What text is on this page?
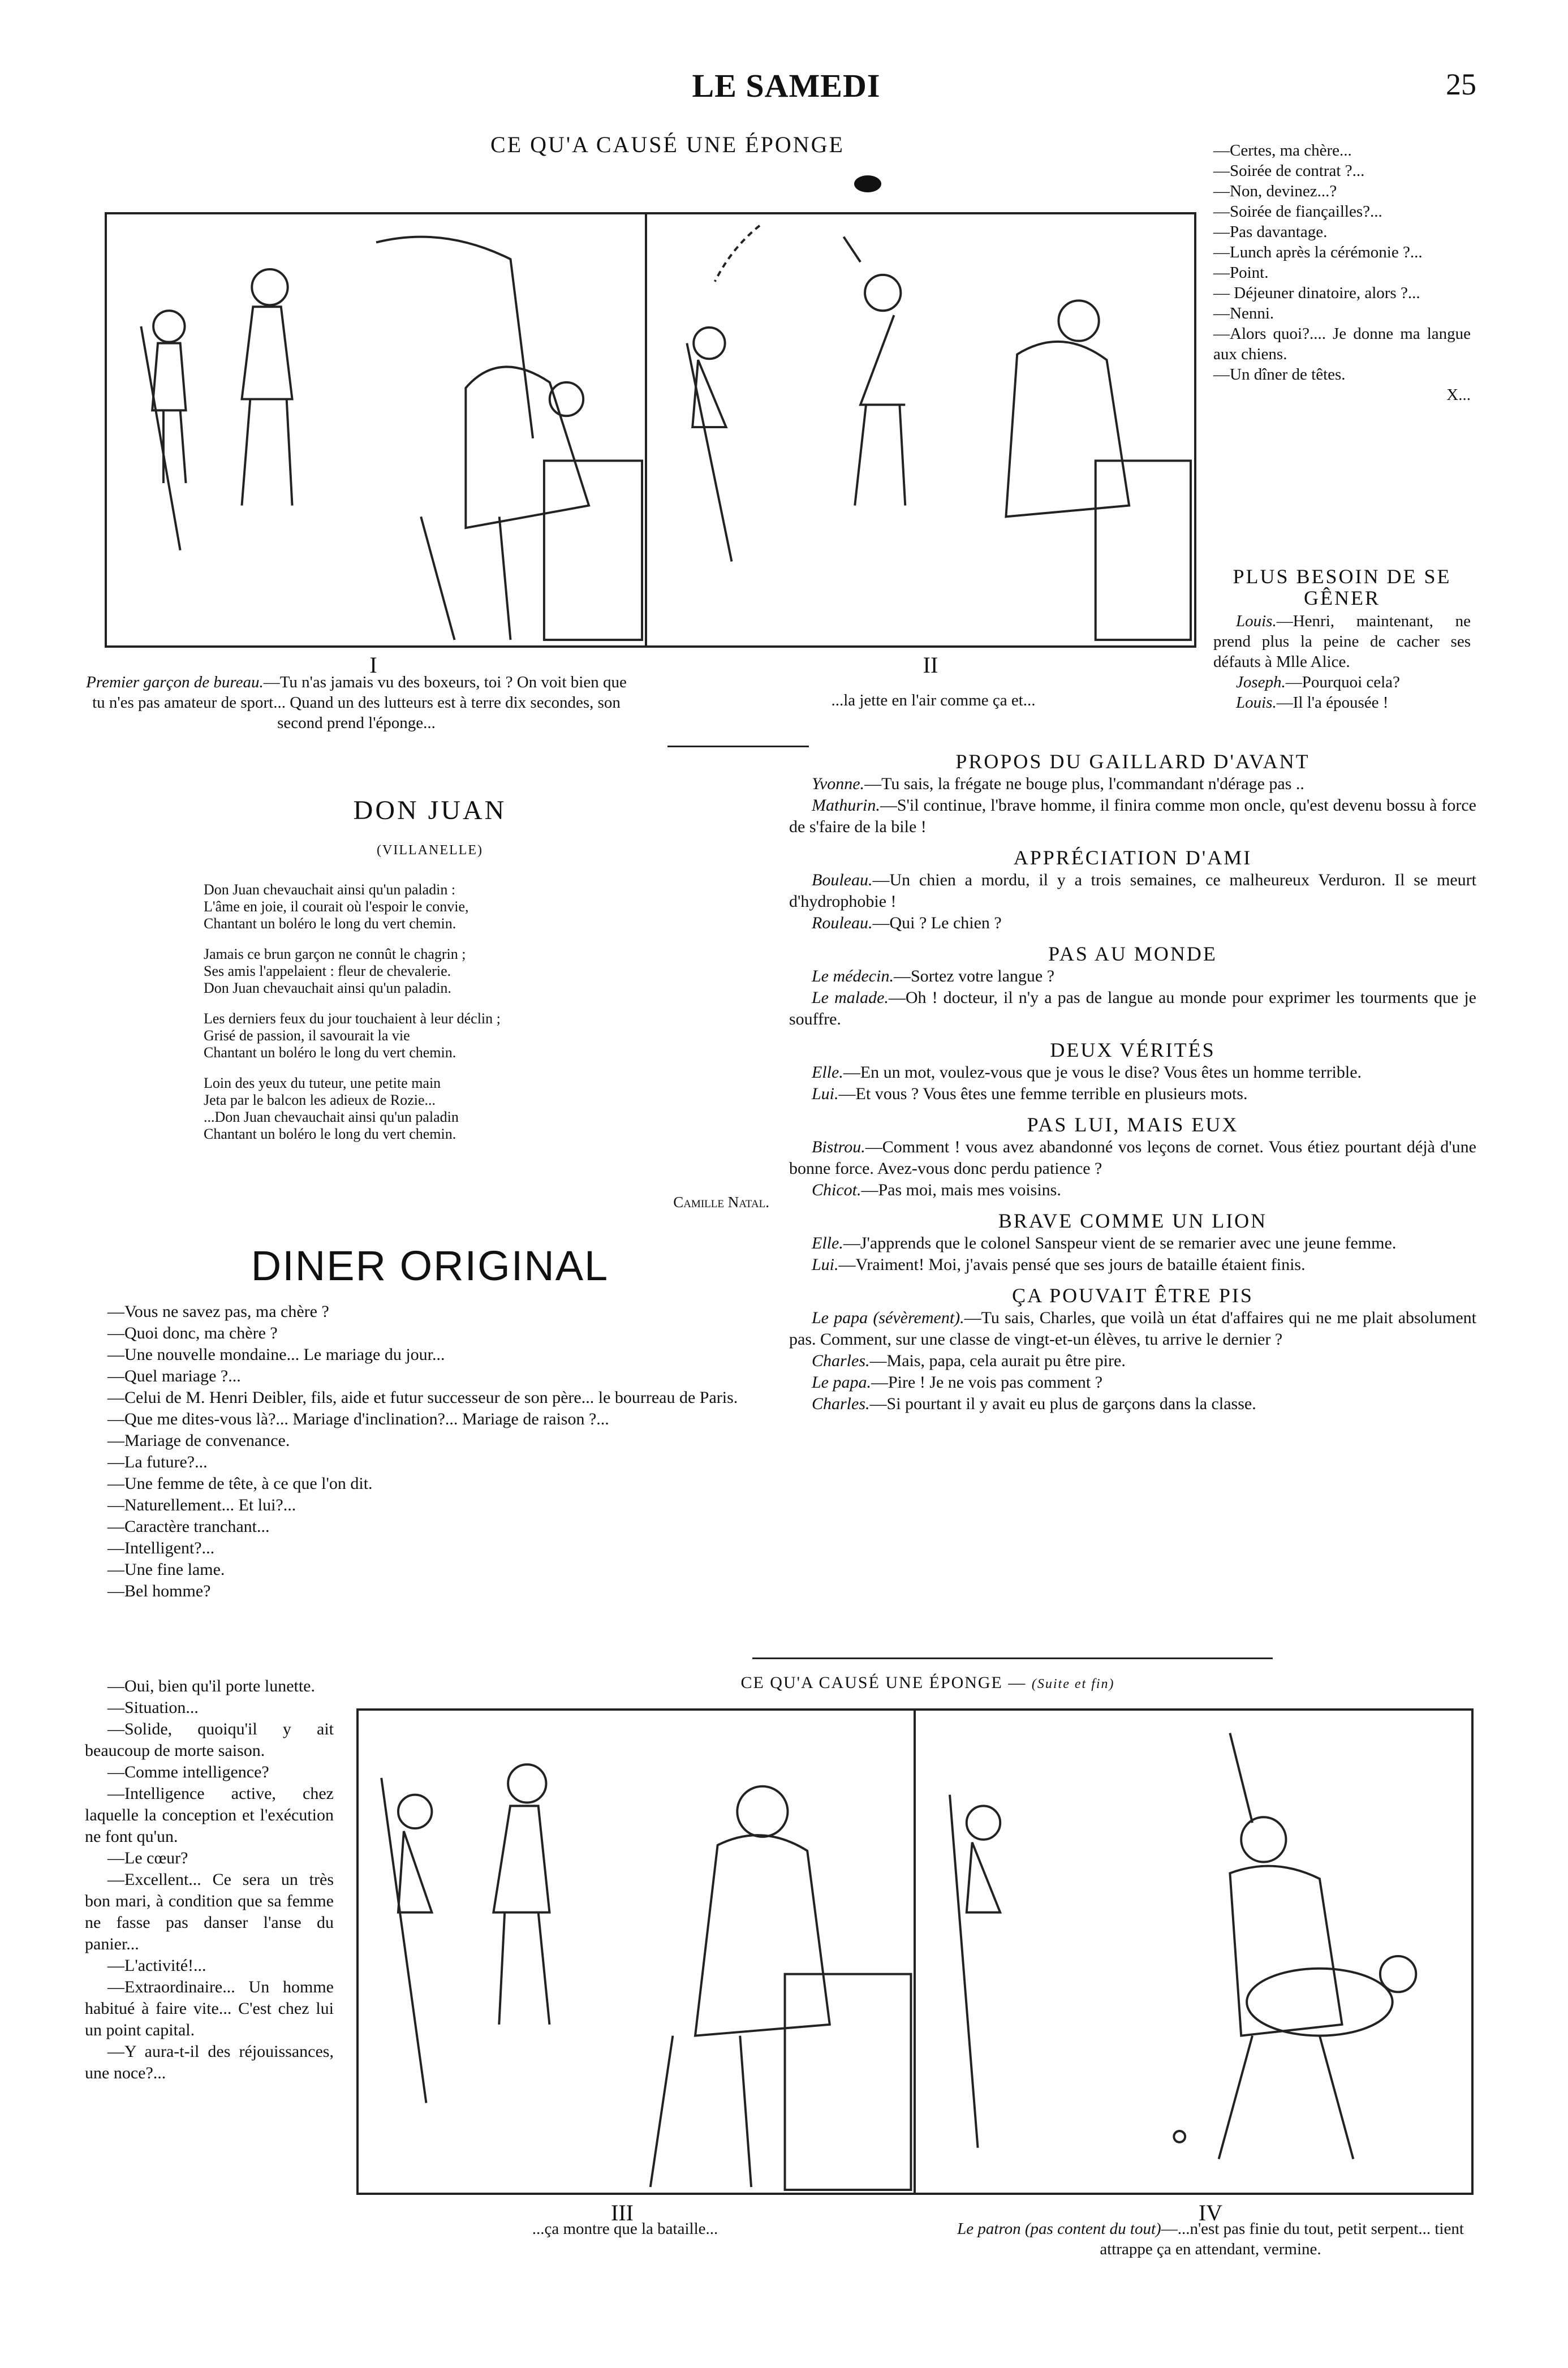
LE SAMEDI	25
CE QU'A CAUSÉ UNE ÉPONGE
I
Premier garçon de bureau.—Tu n'as jamais vu des boxeurs, toi ? On voit bien que tu n'es pas amateur de sport... Quand un des lutteurs est à terre dix secondes, son second prend l'éponge...
II
...la jette en l'air comme ça et...

—Certes, ma chère...

—Soirée de contrat ?...

—Non, devinez...?

—Soirée de fiançailles?...

—Pas davantage.

—Lunch après la cérémonie ?...

—Point.

— Déjeuner dinatoire, alors ?...

—Nenni.

—Alors quoi?.... Je donne ma langue aux chiens.

—Un dîner de têtes.

X...

PLUS BESOIN DE SE GÊNER

Louis.—Henri, maintenant, ne prend plus la peine de cacher ses défauts à Mlle Alice.

Joseph.—Pourquoi cela?

Louis.—Il l'a épousée !

DON JUAN
(VILLANELLE)

Don Juan chevauchait ainsi qu'un paladin :

L'âme en joie, il courait où l'espoir le convie,

Chantant un boléro le long du vert chemin.

Jamais ce brun garçon ne connût le chagrin ;

Ses amis l'appelaient : fleur de chevalerie.

Don Juan chevauchait ainsi qu'un paladin.

Les derniers feux du jour touchaient à leur déclin ;

Grisé de passion, il savourait la vie

Chantant un boléro le long du vert chemin.

Loin des yeux du tuteur, une petite main

Jeta par le balcon les adieux de Rozie...

...Don Juan chevauchait ainsi qu'un paladin

Chantant un boléro le long du vert chemin.

Camille Natal.
DINER ORIGINAL

—Vous ne savez pas, ma chère ?

—Quoi donc, ma chère ?

—Une nouvelle mondaine... Le mariage du jour...

—Quel mariage ?...

—Celui de M. Henri Deibler, fils, aide et futur successeur de son père... le bourreau de Paris.

—Que me dites-vous là?... Mariage d'inclination?... Mariage de raison ?...

—Mariage de convenance.

—La future?...

—Une femme de tête, à ce que l'on dit.

—Naturellement... Et lui?...

—Caractère tranchant...

—Intelligent?...

—Une fine lame.

—Bel homme?

—Oui, bien qu'il porte lunette.

—Situation...

—Solide, quoiqu'il y ait beaucoup de morte saison.

—Comme intelligence?

—Intelligence active, chez laquelle la conception et l'exécution ne font qu'un.

—Le cœur?

—Excellent... Ce sera un très bon mari, à condition que sa femme ne fasse pas danser l'anse du panier...

—L'activité!...

—Extraordinaire... Un homme habitué à faire vite... C'est chez lui un point capital.

—Y aura-t-il des réjouissances, une noce?...

PROPOS DU GAILLARD D'AVANT

Yvonne.—Tu sais, la frégate ne bouge plus, l'commandant n'dérage pas ..

Mathurin.—S'il continue, l'brave homme, il finira comme mon oncle, qu'est devenu bossu à force de s'faire de la bile !

APPRÉCIATION D'AMI

Bouleau.—Un chien a mordu, il y a trois semaines, ce malheureux Verduron. Il se meurt d'hydrophobie !

Rouleau.—Qui ? Le chien ?

PAS AU MONDE

Le médecin.—Sortez votre langue ?

Le malade.—Oh ! docteur, il n'y a pas de langue au monde pour exprimer les tourments que je souffre.

DEUX VÉRITÉS

Elle.—En un mot, voulez-vous que je vous le dise? Vous êtes un homme terrible.

Lui.—Et vous ? Vous êtes une femme terrible en plusieurs mots.

PAS LUI, MAIS EUX

Bistrou.—Comment ! vous avez abandonné vos leçons de cornet. Vous étiez pourtant déjà d'une bonne force. Avez-vous donc perdu patience ?

Chicot.—Pas moi, mais mes voisins.

BRAVE COMME UN LION

Elle.—J'apprends que le colonel Sanspeur vient de se remarier avec une jeune femme.

Lui.—Vraiment! Moi, j'avais pensé que ses jours de bataille étaient finis.

ÇA POUVAIT ÊTRE PIS

Le papa (sévèrement).—Tu sais, Charles, que voilà un état d'affaires qui ne me plait absolument pas. Comment, sur une classe de vingt-et-un élèves, tu arrive le dernier ?

Charles.—Mais, papa, cela aurait pu être pire.

Le papa.—Pire ! Je ne vois pas comment ?

Charles.—Si pourtant il y avait eu plus de garçons dans la classe.

CE QU'A CAUSÉ UNE ÉPONGE — (Suite et fin)
III
...ça montre que la bataille...
IV
Le patron (pas content du tout)—...n'est pas finie du tout, petit serpent... tient attrappe ça en attendant, vermine.
